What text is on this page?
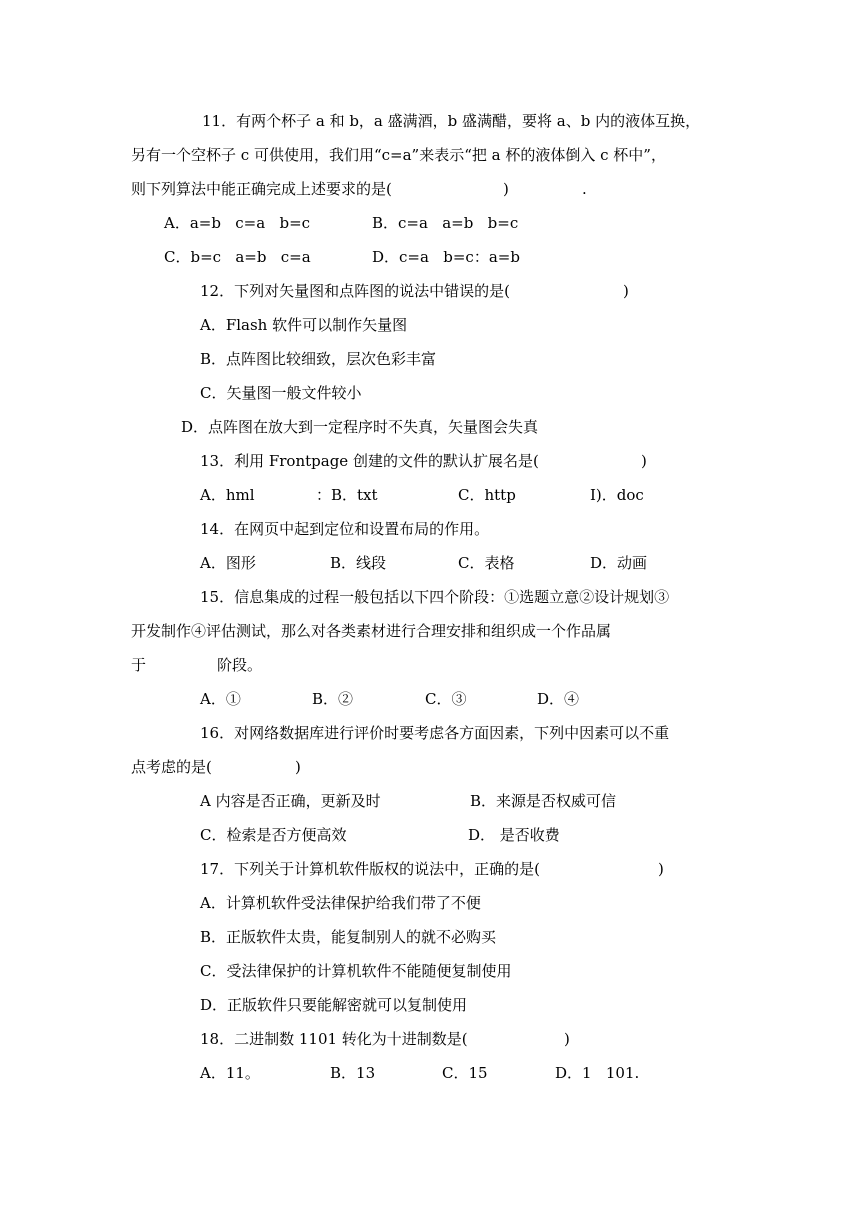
11．有两个杯子 a 和 b，a 盛满酒，b 盛满醋，要将 a、b 内的液体互换，
另有一个空杯子 c 可供使用，我们用“c=a”来表示“把 a 杯的液体倒入 c 杯中”，
则下列算法中能正确完成上述要求的是(	)	.
A．a=b   c=a   b=c	B．c=a   a=b   b=c
C．b=c   a=b   c=a	D．c=a   b=c：a=b
12．下列对矢量图和点阵图的说法中错误的是(	)
A．Flash 软件可以制作矢量图
B．点阵图比较细致，层次色彩丰富
C．矢量图一般文件较小
D．点阵图在放大到一定程序时不失真，矢量图会失真
13．利用 Frontpage 创建的文件的默认扩展名是(	)
A．hml	：B．txt	C．http	I)．doc
14．在网页中起到定位和设置布局的作用。
A．图形	B．线段	C．表格	D．动画
15．信息集成的过程一般包括以下四个阶段：①选题立意②设计规划③
开发制作④评估测试，那么对各类素材进行合理安排和组织成一个作品属
于	阶段。
A．①	B．②	C．③	D．④
16．对网络数据库进行评价时要考虑各方面因素，下列中因素可以不重
点考虑的是(	)
A 内容是否正确，更新及时	B．来源是否权威可信
C．检索是否方便高效	D． 是否收费
17．下列关于计算机软件版权的说法中，正确的是(	)
A．计算机软件受法律保护给我们带了不便
B．正版软件太贵，能复制别人的就不必购买
C．受法律保护的计算机软件不能随便复制使用
D．正版软件只要能解密就可以复制使用
18．二进制数 1101 转化为十进制数是(	)
A．11。	B．13	C．15	D．1   101.
